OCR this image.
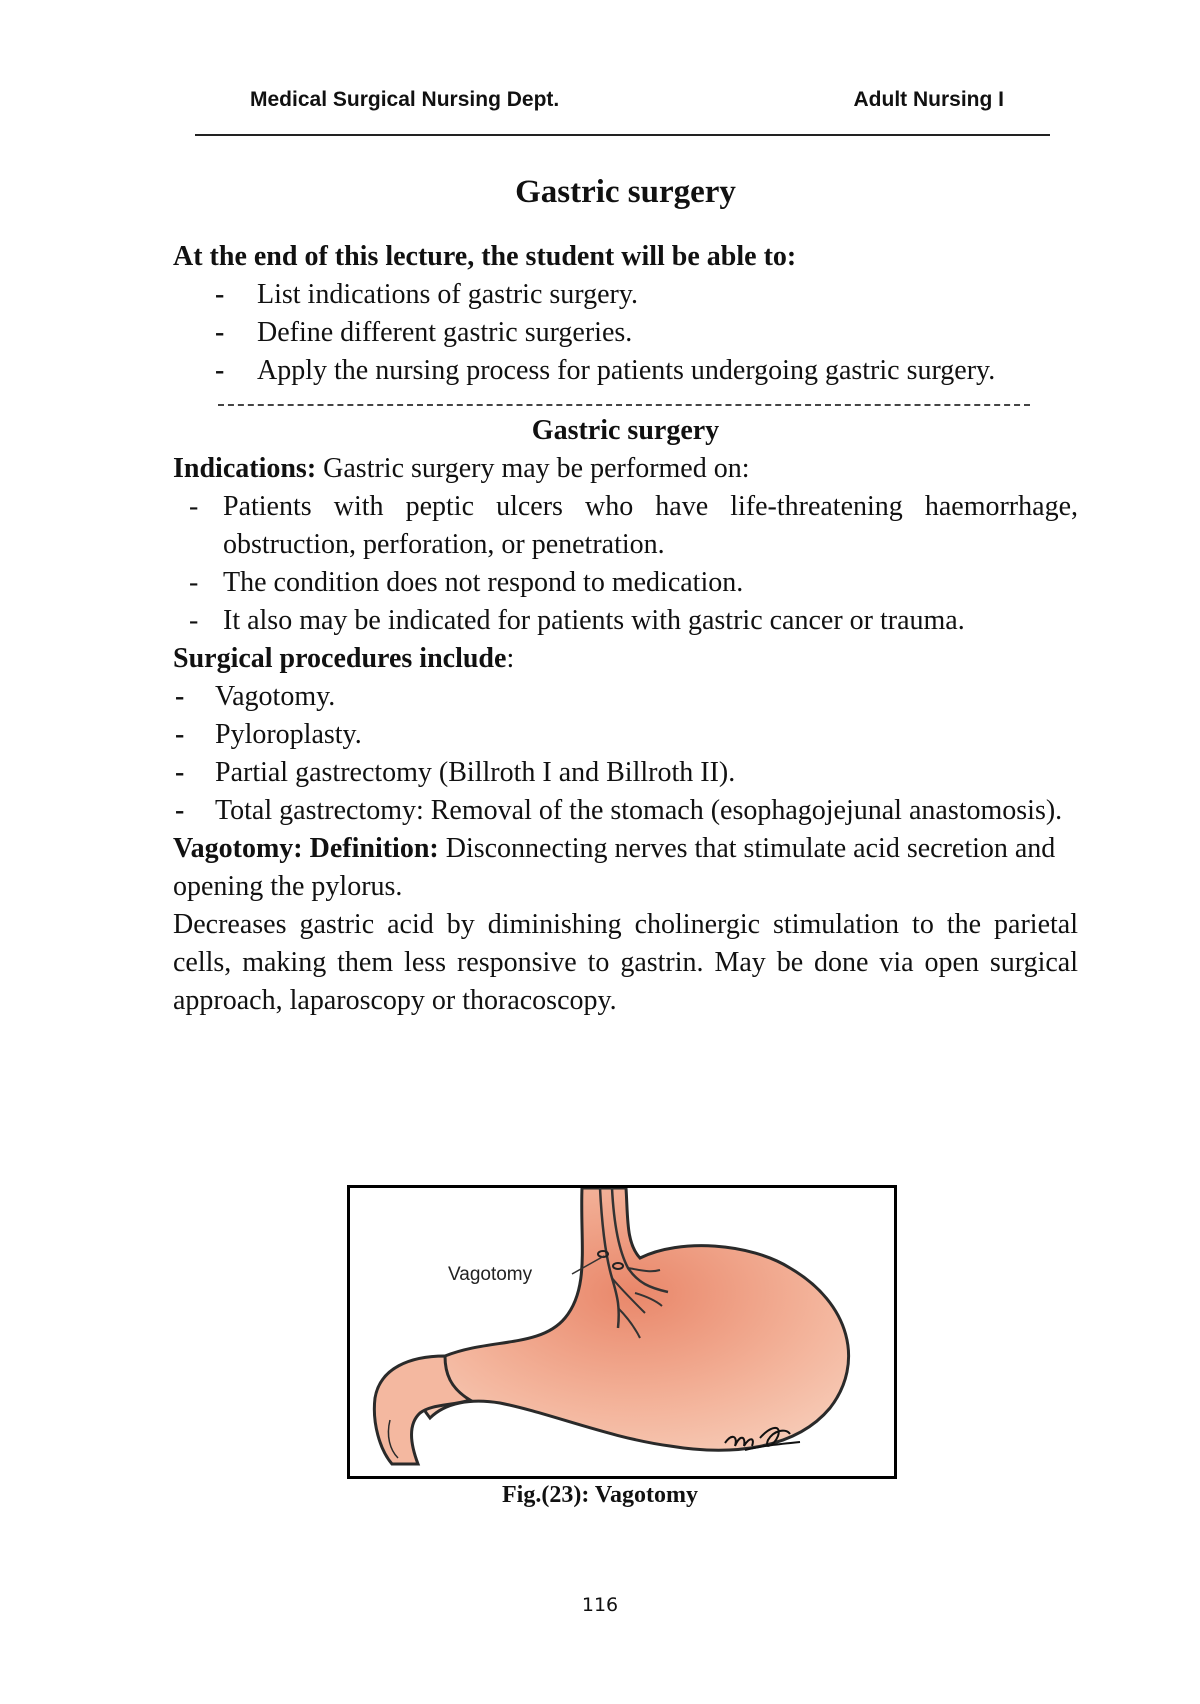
Medical Surgical Nursing Dept.	Adult Nursing I
Gastric surgery

At the end of this lecture, the student will be able to:

- List indications of gastric surgery.
- Define different gastric surgeries.
- Apply the nursing process for patients undergoing gastric surgery.

Gastric surgery

Indications: Gastric surgery may be performed on:

- Patients with peptic ulcers who have life-threatening haemorrhage, obstruction, perforation, or penetration.
- The condition does not respond to medication.
- It also may be indicated for patients with gastric cancer or trauma.

Surgical procedures include:

- Vagotomy.
- Pyloroplasty.
- Partial gastrectomy (Billroth I and Billroth II).
- Total gastrectomy: Removal of the stomach (esophagojejunal anastomosis).

Vagotomy: Definition: Disconnecting nerves that stimulate acid secretion and opening the pylorus.

Decreases gastric acid by diminishing cholinergic stimulation to the parietal cells, making them less responsive to gastrin. May be done via open surgical approach, laparoscopy or thoracoscopy.

Vagotomy
Fig.(23): Vagotomy
116
